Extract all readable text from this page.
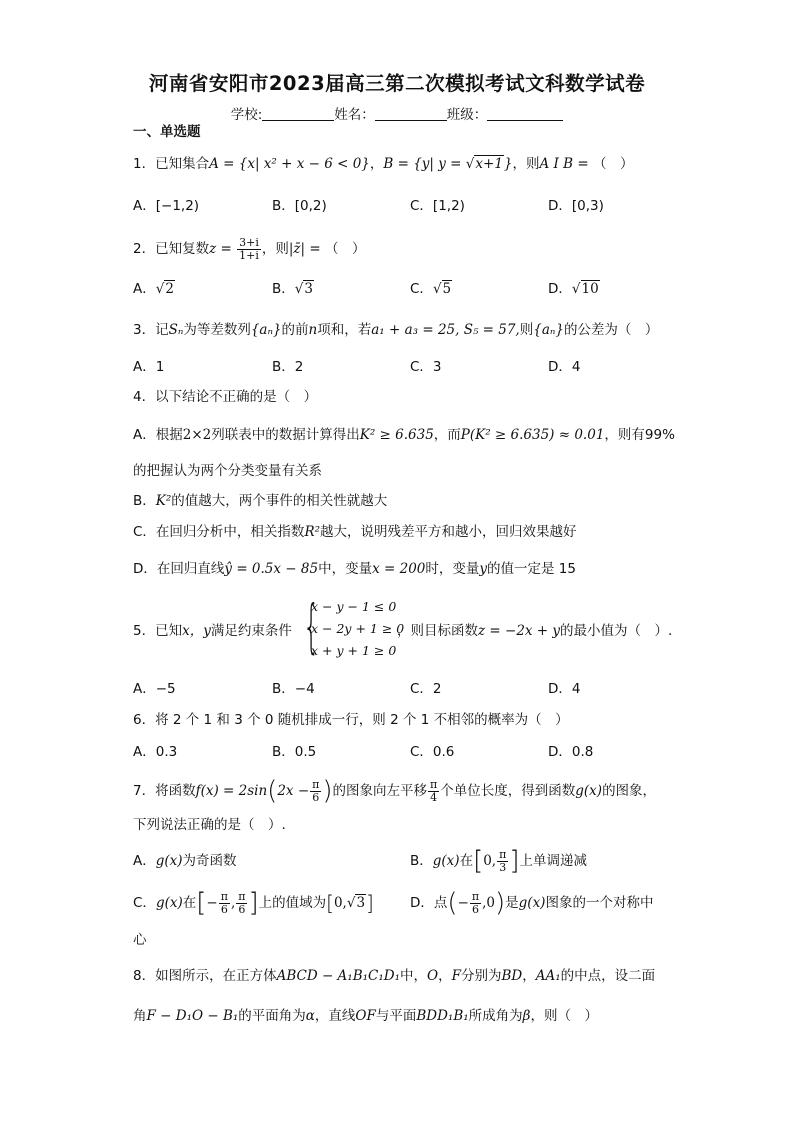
河南省安阳市2023届高三第二次模拟考试文科数学试卷
学校:	姓名：	班级：
一、单选题
1．已知集合A = {x| x² + x − 6 < 0}，B = {y| y = √x+1}，则A I B = （　）
A．[−1,2)	B．[0,2)	C．[1,2)	D．[0,3)
2．已知复数$z = \frac{3+i}{1+i}$ ，则|z̄| = （　）
A．√2	B．√3	C．√5	D．√10
3．记Sₙ为等差数列{aₙ}的前n项和，若a₁ + a₃ = 25, S₅ = 57,则{aₙ}的公差为（　）
A．1	B．2	C．3	D．4
4．以下结论不正确的是（　）
A．根据2×2列联表中的数据计算得出K² ≥ 6.635，而P(K² ≥ 6.635) ≈ 0.01，则有99%
的把握认为两个分类变量有关系
B．K²的值越大，两个事件的相关性就越大
C．在回归分析中，相关指数R²越大，说明残差平方和越小，回归效果越好
D．在回归直线ŷ = 0.5x − 85中，变量x = 200时，变量y的值一定是 15
5．已知x，y满足约束条件 {
x − y − 1 ≤ 0
x − 2y + 1 ≥ 0
x + y + 1 ≥ 0
，则目标函数z = −2x + y的最小值为（　）.
A．−5	B．−4	C．2	D．4
6．将 2 个 1 和 3 个 0 随机排成一行，则 2 个 1 不相邻的概率为（　）
A．0.3	B．0.5	C．0.6	D．0.8
7．将函数$f(x) = 2\sin(2x - \frac{\pi}{6}$ )的图象向左平移 $\frac{\pi}{4}$ 个单位长度，得到函数g(x)的图象，
下列说法正确的是（　）.
A．g(x)为奇函数	B．g(x)在[0, $\frac{\pi}{3}$ ]上单调递减
C．g(x)在[− $\frac{\pi}{6}$ , $\frac{\pi}{6}$ ]上的值域为[0,√3]	D．点(− $\frac{\pi}{6} ,0$)是g(x)图象的一个对称中
心
8．如图所示，在正方体ABCD − A₁B₁C₁D₁中，O，F分别为BD，AA₁的中点，设二面
角F − D₁O − B₁的平面角为α，直线OF与平面BDD₁B₁所成角为β，则（　）
